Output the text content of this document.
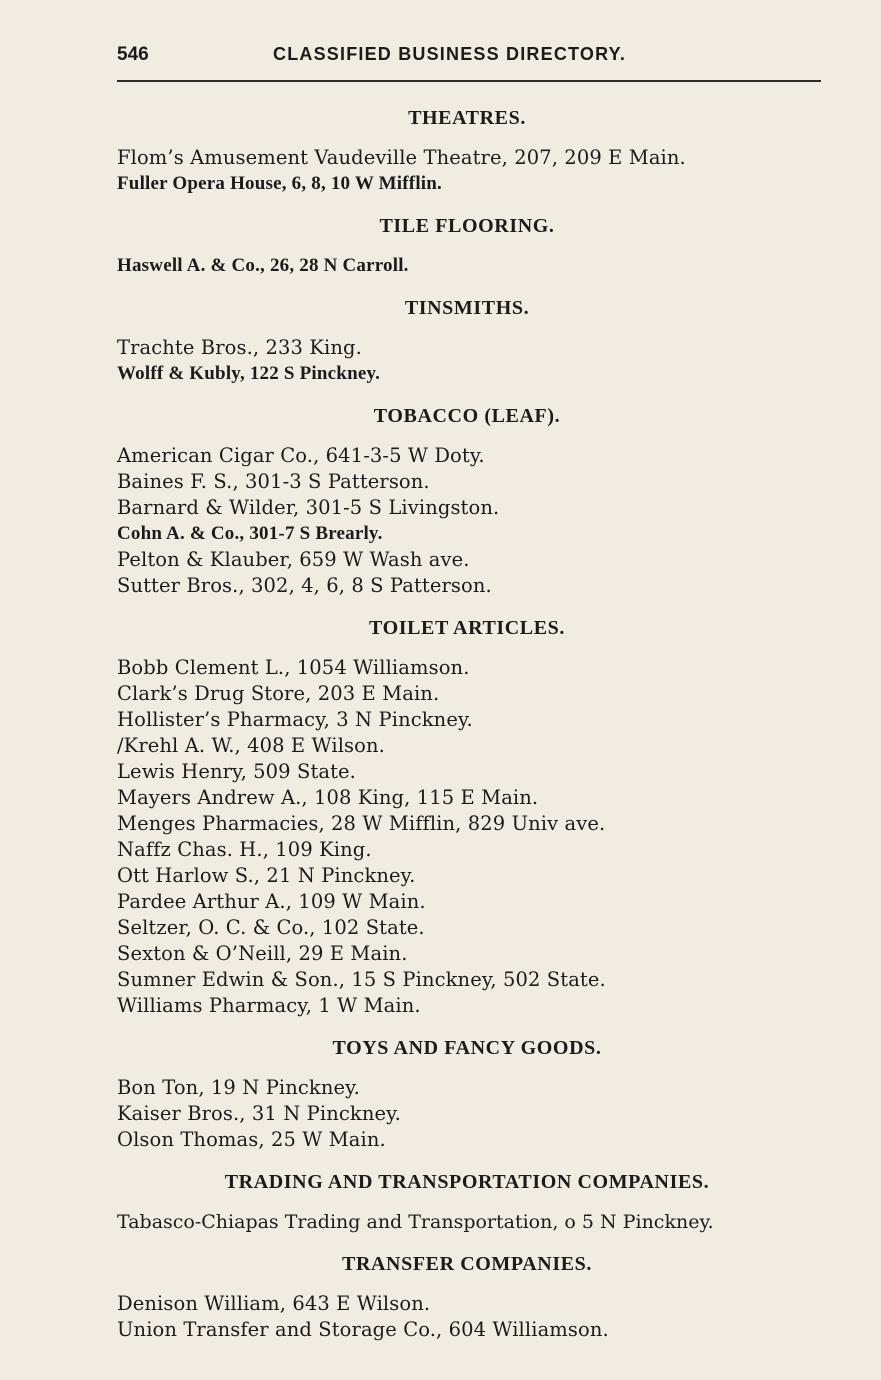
546	CLASSIFIED BUSINESS DIRECTORY.
THEATRES.
Flom’s Amusement Vaudeville Theatre, 207, 209 E Main.
Fuller Opera House, 6, 8, 10 W Mifflin.
TILE FLOORING.
Haswell A. & Co., 26, 28 N Carroll.
TINSMITHS.
Trachte Bros., 233 King.
Wolff & Kubly, 122 S Pinckney.
TOBACCO (LEAF).
American Cigar Co., 641-3-5 W Doty.
Baines F. S., 301-3 S Patterson.
Barnard & Wilder, 301-5 S Livingston.
Cohn A. & Co., 301-7 S Brearly.
Pelton & Klauber, 659 W Wash ave.
Sutter Bros., 302, 4, 6, 8 S Patterson.
TOILET ARTICLES.
Bobb Clement L., 1054 Williamson.
Clark’s Drug Store, 203 E Main.
Hollister’s Pharmacy, 3 N Pinckney.
/Krehl A. W., 408 E Wilson.
Lewis Henry, 509 State.
Mayers Andrew A., 108 King, 115 E Main.
Menges Pharmacies, 28 W Mifflin, 829 Univ ave.
Naffz Chas. H., 109 King.
Ott Harlow S., 21 N Pinckney.
Pardee Arthur A., 109 W Main.
Seltzer, O. C. & Co., 102 State.
Sexton & O’Neill, 29 E Main.
Sumner Edwin & Son., 15 S Pinckney, 502 State.
Williams Pharmacy, 1 W Main.
TOYS AND FANCY GOODS.
Bon Ton, 19 N Pinckney.
Kaiser Bros., 31 N Pinckney.
Olson Thomas, 25 W Main.
TRADING AND TRANSPORTATION COMPANIES.
Tabasco-Chiapas Trading and Transportation, o 5 N Pinckney.
TRANSFER COMPANIES.
Denison William, 643 E Wilson.
Union Transfer and Storage Co., 604 Williamson.
